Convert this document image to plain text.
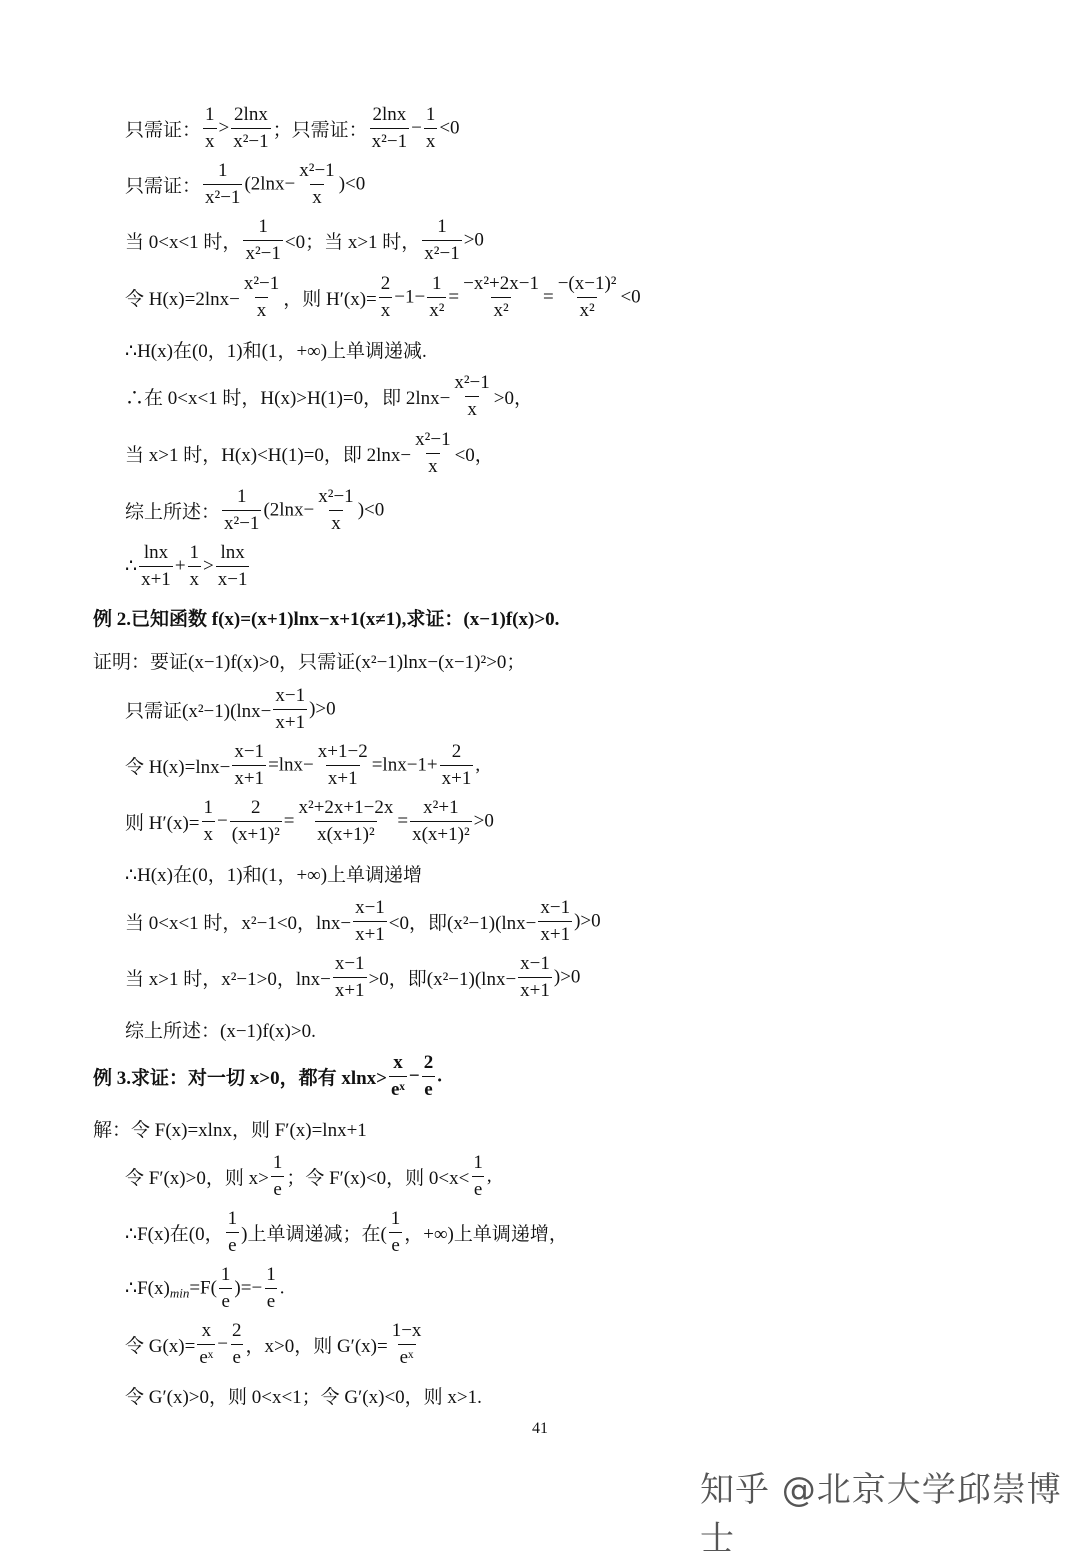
只需证： $\frac{1}{x} > \frac{2\ln x}{\text{x²−1}}$ ；只需证： $\frac{2\ln x}{\text{x²−1}} - \frac{1}{x} <0$
只需证： $\frac{1}{\text{x²−1}} (2\ln x- \frac{\text{x²−1}}{x} )<0$
当 0<x<1 时， $\frac{1}{\text{x²−1}} <0$；当 x>1 时， $\frac{1}{\text{x²−1}} >0$
令 $H(x)=2\ln x- \frac{\text{x²−1}}{x}$ ，则 $H'(x)= \frac{2}{x} -1- \frac{1}{\text{x²}} = \frac{\text{−x²+2x−1}}{\text{x²}} = \frac{\text{−(x−1)²}}{\text{x²}} <0$
∴H(x)在(0，1)和(1，+∞)上单调递减.
∴在 0<x<1 时，H(x)>H(1)=0，即 $2\ln x- \frac{\text{x²−1}}{x} >0$，
当 x>1 时，H(x)<H(1)=0，即 $2\ln x- \frac{\text{x²−1}}{x} <0$，
综上所述： $\frac{1}{\text{x²−1}} (2\ln x- \frac{\text{x²−1}}{x} )<0$
∴ $\frac{\ln x}{x+1} + \frac{1}{x} > \frac{\ln x}{x-1}$
例 2.已知函数 f(x)=(x+1)lnx−x+1(x≠1),求证：(x−1)f(x)>0.
证明：要证(x−1)f(x)>0，只需证(x²−1)lnx−(x−1)²>0；
只需证$(x^2-1)(\ln x- \frac{x-1}{x+1} )>0$
令 $H(x)=\ln x- \frac{x-1}{x+1} =\ln x- \frac{x+1-2}{x+1} =\ln x-1+ \frac{2}{x+1}$ ,
则 $H'(x)= \frac{1}{x} - \frac{2}{\text{(x+1)²}} = \frac{\text{x²+2x+1−2x}}{\text{x(x+1)²}} = \frac{\text{x²+1}}{\text{x(x+1)²}} >0$
∴H(x)在(0，1)和(1，+∞)上单调递增
当 0<x<1 时，x²−1<0，$\ln x- \frac{x-1}{x+1} <0$，即$(x^2-1)(\ln x- \frac{x-1}{x+1} )>0$
当 x>1 时，x²−1>0，$\ln x- \frac{x-1}{x+1} >0$，即$(x^2-1)(\ln x- \frac{x-1}{x+1} )>0$
综上所述：(x−1)f(x)>0.
例 3.求证：对一切 x>0，都有 $xlnx> \frac{x}{\text{eˣ}} - \frac{2}{e}$ .
解：令 F(x)=xlnx，则 F′(x)=lnx+1
令 F′(x)>0，则 $x> \frac{1}{e}$ ；令 F′(x)<0，则 $0<x< \frac{1}{e}$ ,
∴F(x)在(0， $\frac{1}{e}$ )上单调递减；在( $\frac{1}{e}$ ，+∞)上单调递增，
$\therefore F(x)_{min}=F( \frac{1}{e}$ )=− $\frac{1}{e}$ .
令 $G(x)= \frac{x}{\text{eˣ}} - \frac{2}{e}$ ，x>0，则 $G'(x)= \frac{1-x}{\text{eˣ}}$
令 G′(x)>0，则 0<x<1；令 G′(x)<0，则 x>1.
41
知乎 @北京大学邱崇博士
